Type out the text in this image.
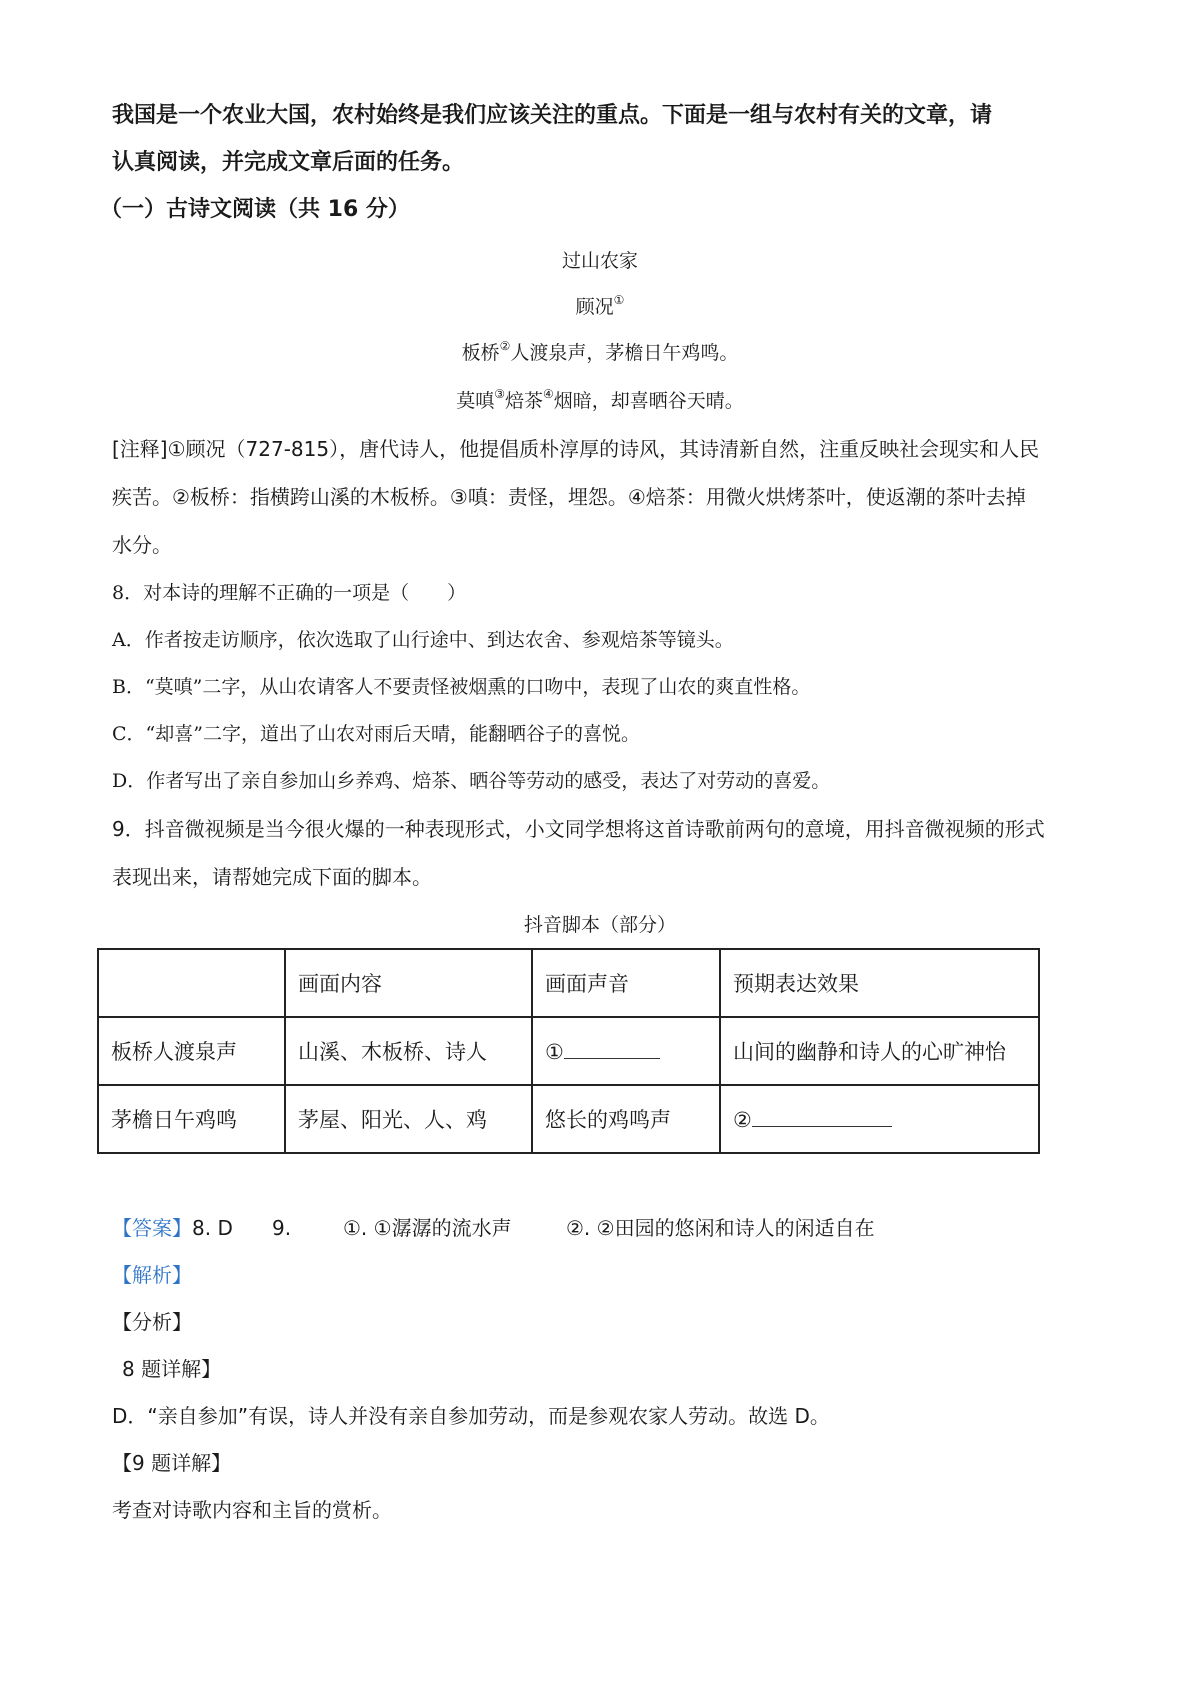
我国是一个农业大国，农村始终是我们应该关注的重点。下面是一组与农村有关的文章，请
认真阅读，并完成文章后面的任务。
（一）古诗文阅读（共 16 分）
过山农家
顾况①
板桥②人渡泉声，茅檐日午鸡鸣。
莫嗔③焙茶④烟暗，却喜晒谷天晴。
[注释]①顾况（727-815），唐代诗人，他提倡质朴淳厚的诗风，其诗清新自然，注重反映社会现实和人民
疾苦。②板桥：指横跨山溪的木板桥。③嗔：责怪，埋怨。④焙茶：用微火烘烤茶叶，使返潮的茶叶去掉
水分。
8．对本诗的理解不正确的一项是（　　）
A．作者按走访顺序，依次选取了山行途中、到达农舍、参观焙茶等镜头。
B．“莫嗔”二字，从山农请客人不要责怪被烟熏的口吻中，表现了山农的爽直性格。
C．“却喜”二字，道出了山农对雨后天晴，能翻晒谷子的喜悦。
D．作者写出了亲自参加山乡养鸡、焙茶、晒谷等劳动的感受，表达了对劳动的喜爱。
9．抖音微视频是当今很火爆的一种表现形式，小文同学想将这首诗歌前两句的意境，用抖音微视频的形式
表现出来，请帮她完成下面的脚本。
抖音脚本（部分）
	画面内容	画面声音	预期表达效果
板桥人渡泉声	山溪、木板桥、诗人	①	山间的幽静和诗人的心旷神怡
茅檐日午鸡鸣	茅屋、阳光、人、鸡	悠长的鸡鸣声	②
【答案】8. D 9.	①. ①潺潺的流水声	②. ②田园的悠闲和诗人的闲适自在
【解析】
【分析】
8 题详解】
D．“亲自参加”有误，诗人并没有亲自参加劳动，而是参观农家人劳动。故选 D。
【9 题详解】
考查对诗歌内容和主旨的赏析。
